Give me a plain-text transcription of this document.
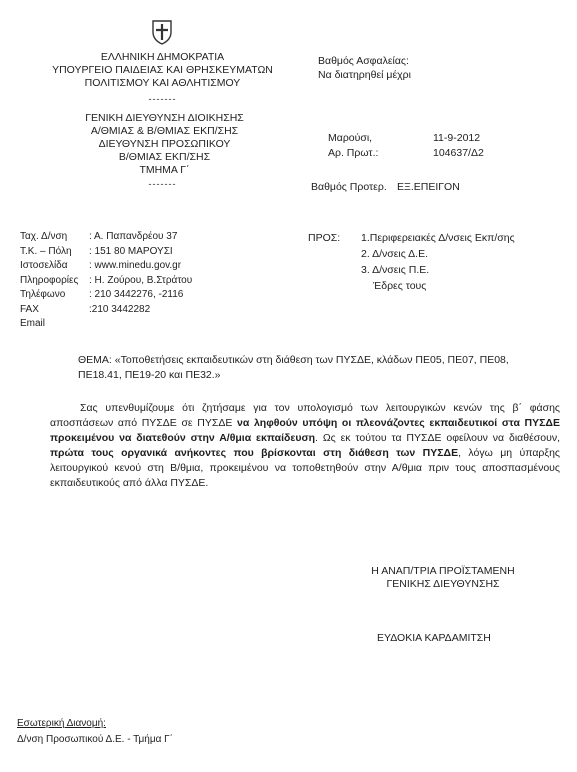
ΕΛΛΗΝΙΚΗ ΔΗΜΟΚΡΑΤΙΑ
ΥΠΟΥΡΓΕΙΟ ΠΑΙΔΕΙΑΣ ΚΑΙ ΘΡΗΣΚΕΥΜΑΤΩΝ
ΠΟΛΙΤΙΣΜΟΥ ΚΑΙ ΑΘΛΗΤΙΣΜΟΥ
-------
ΓΕΝΙΚΗ ΔΙΕΥΘΥΝΣΗ ΔΙΟΙΚΗΣΗΣ
Α/ΘΜΙΑΣ & Β/ΘΜΙΑΣ ΕΚΠ/ΣΗΣ
ΔΙΕΥΘΥΝΣΗ ΠΡΟΣΩΠΙΚΟΥ
Β/ΘΜΙΑΣ ΕΚΠ/ΣΗΣ
ΤΜΗΜΑ Γ΄
-------
Βαθμός Ασφαλείας:
Να διατηρηθεί μέχρι
Μαρούσι,	11-9-2012
Αρ. Πρωτ.:	104637/Δ2
Βαθμός Προτερ. ΕΞ.ΕΠΕΙΓΟΝ
Ταχ. Δ/νση : Α. Παπανδρέου 37
Τ.Κ. – Πόλη : 151 80 ΜΑΡΟΥΣΙ
Ιστοσελίδα : www.minedu.gov.gr
Πληροφορίες : Η. Ζούρου, Β.Στράτου
Τηλέφωνο : 210 3442276, -2116
FAX	:210 3442282
Email
ΠΡΟΣ: 1.Περιφερειακές Δ/νσεις Εκπ/σης
2. Δ/νσεις Δ.Ε.
3. Δ/νσεις Π.Ε.
Έδρες τους
ΘΕΜΑ: «Τοποθετήσεις εκπαιδευτικών στη διάθεση των ΠΥΣΔΕ, κλάδων ΠΕ05, ΠΕ07, ΠΕ08,
ΠΕ18.41, ΠΕ19-20 και ΠΕ32.»
Σας υπενθυμίζουμε ότι ζητήσαμε για τον υπολογισμό των λειτουργικών κενών της β΄ φάσης αποσπάσεων από ΠΥΣΔΕ σε ΠΥΣΔΕ να ληφθούν υπόψη οι πλεονάζοντες εκπαιδευτικοί στα ΠΥΣΔΕ προκειμένου να διατεθούν στην Α/θμια εκπαίδευση. Ως εκ τούτου τα ΠΥΣΔΕ οφείλουν να διαθέσουν, πρώτα τους οργανικά ανήκοντες που βρίσκονται στη διάθεση των ΠΥΣΔΕ, λόγω μη ύπαρξης λειτουργικού κενού στη Β/θμια, προκειμένου να τοποθετηθούν στην Α/θμια πριν τους αποσπασμένους εκπαιδευτικούς από άλλα ΠΥΣΔΕ.
Η ΑΝΑΠ/ΤΡΙΑ ΠΡΟΪΣΤΑΜΕΝΗ
ΓΕΝΙΚΗΣ ΔΙΕΥΘΥΝΣΗΣ
ΕΥΔΟΚΙΑ ΚΑΡΔΑΜΙΤΣΗ
Εσωτερική Διανομή:
Δ/νση Προσωπικού Δ.Ε. - Τμήμα Γ΄
